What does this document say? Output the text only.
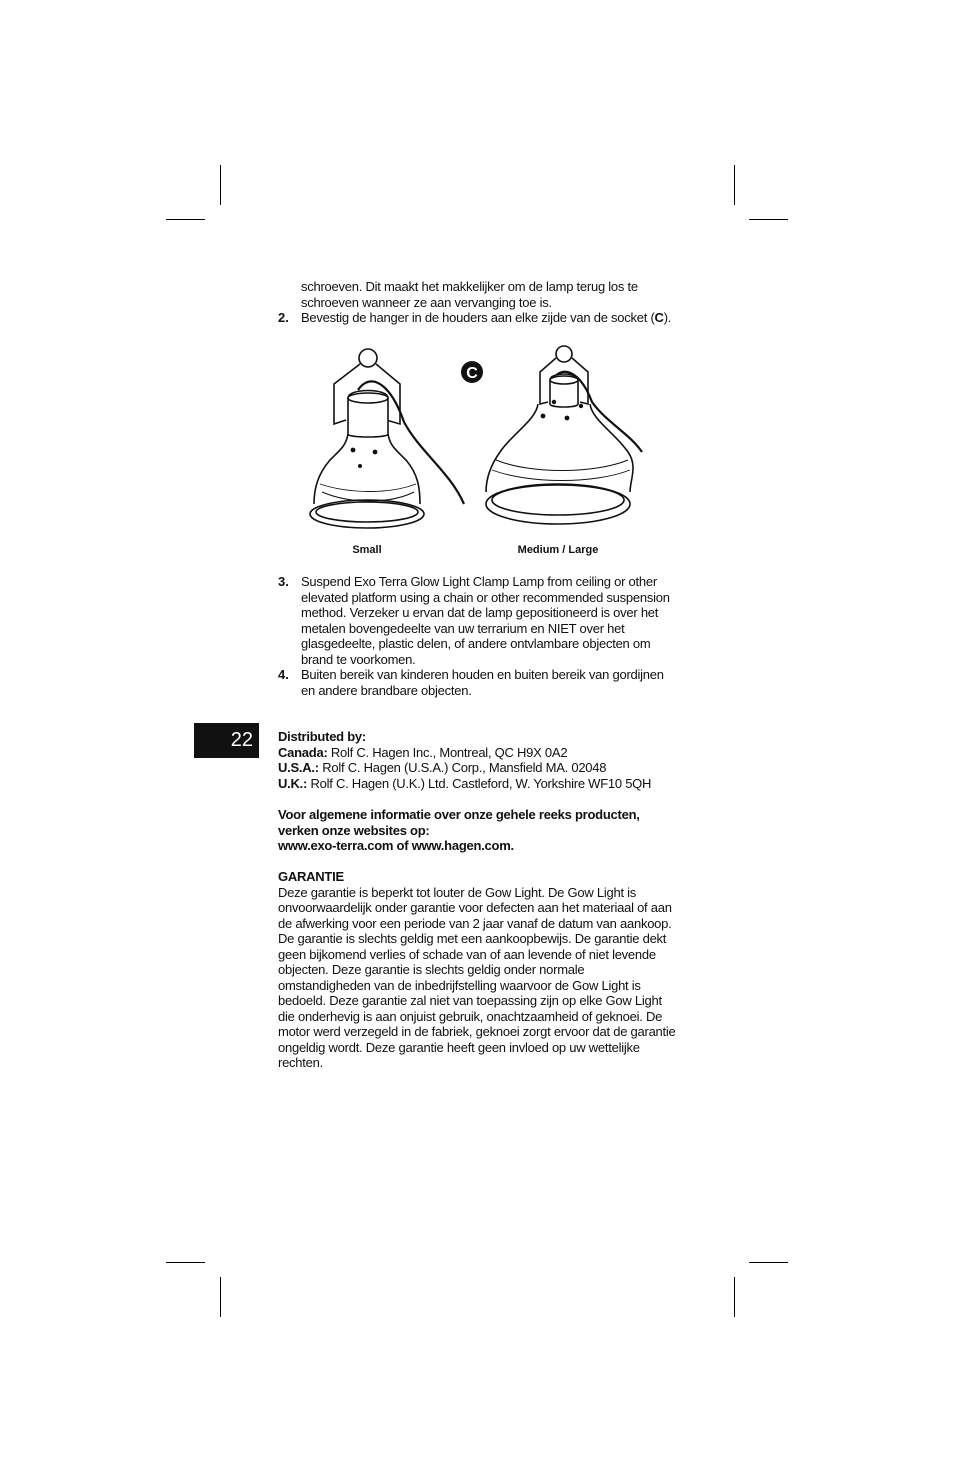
schroeven. Dit maakt het makkelijker om de lamp terug los te schroeven wanneer ze aan vervanging toe is.
2. Bevestig de hanger in de houders aan elke zijde van de socket (C).
C
Small	Medium / Large
3. Suspend Exo Terra Glow Light Clamp Lamp from ceiling or other elevated platform using a chain or other recommended suspension method. Verzeker u ervan dat de lamp gepositioneerd is over het metalen bovengedeelte van uw terrarium en NIET over het glasgedeelte, plastic delen, of andere ontvlambare objecten om brand te voorkomen.
4. Buiten bereik van kinderen houden en buiten bereik van gordijnen en andere brandbare objecten.
22	Distributed by:
Canada: Rolf C. Hagen Inc., Montreal, QC H9X 0A2
U.S.A.: Rolf C. Hagen (U.S.A.) Corp., Mansfield MA. 02048
U.K.: Rolf C. Hagen (U.K.) Ltd. Castleford, W. Yorkshire WF10 5QH
Voor algemene informatie over onze gehele reeks producten,
verken onze websites op:
www.exo-terra.com of www.hagen.com.
GARANTIE

Deze garantie is beperkt tot louter de Gow Light. De Gow Light is onvoorwaardelijk onder garantie voor defecten aan het materiaal of aan de afwerking voor een periode van 2 jaar vanaf de datum van aankoop. De garantie is slechts geldig met een aankoopbewijs. De garantie dekt geen bijkomend verlies of schade van of aan levende of niet levende objecten. Deze garantie is slechts geldig onder normale omstandigheden van de inbedrijfstelling waarvoor de Gow Light is bedoeld. Deze garantie zal niet van toepassing zijn op elke Gow Light die onderhevig is aan onjuist gebruik, onachtzaamheid of geknoei. De motor werd verzegeld in de fabriek, geknoei zorgt ervoor dat de garantie ongeldig wordt. Deze garantie heeft geen invloed op uw wettelijke rechten.
